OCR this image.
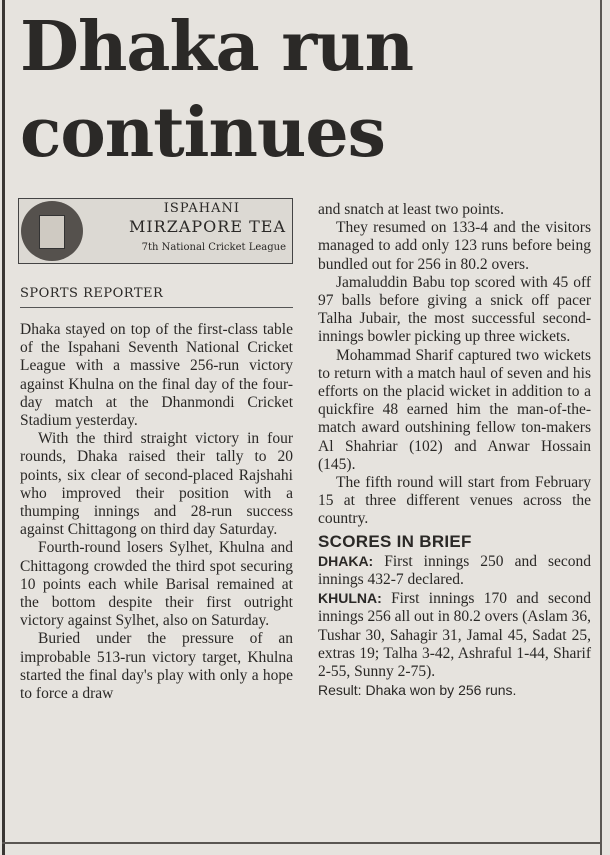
Dhaka run continues
ISPAHANI
MIRZAPORE TEA
7th National Cricket League
SPORTS REPORTER

Dhaka stayed on top of the first-class table of the Ispahani Seventh National Cricket League with a massive 256-run victory against Khulna on the final day of the four-day match at the Dhanmondi Cricket Stadium yesterday.

With the third straight victory in four rounds, Dhaka raised their tally to 20 points, six clear of second-placed Rajshahi who improved their position with a thumping innings and 28-run success against Chittagong on third day Saturday.

Fourth-round losers Sylhet, Khulna and Chittagong crowded the third spot securing 10 points each while Barisal remained at the bottom despite their first outright victory against Sylhet, also on Saturday.

Buried under the pressure of an improbable 513-run victory target, Khulna started the final day's play with only a hope to force a draw

and snatch at least two points.

They resumed on 133-4 and the visitors managed to add only 123 runs before being bundled out for 256 in 80.2 overs.

Jamaluddin Babu top scored with 45 off 97 balls before giving a snick off pacer Talha Jubair, the most successful second-innings bowler picking up three wickets.

Mohammad Sharif captured two wickets to return with a match haul of seven and his efforts on the placid wicket in addition to a quickfire 48 earned him the man-of-the-match award outshining fellow ton-makers Al Shahriar (102) and Anwar Hossain (145).

The fifth round will start from February 15 at three different venues across the country.

SCORES IN BRIEF

DHAKA: First innings 250 and second innings 432-7 declared.

KHULNA: First innings 170 and second innings 256 all out in 80.2 overs (Aslam 36, Tushar 30, Sahagir 31, Jamal 45, Sadat 25, extras 19; Talha 3-42, Ashraful 1-44, Sharif 2-55, Sunny 2-75).

Result: Dhaka won by 256 runs.
